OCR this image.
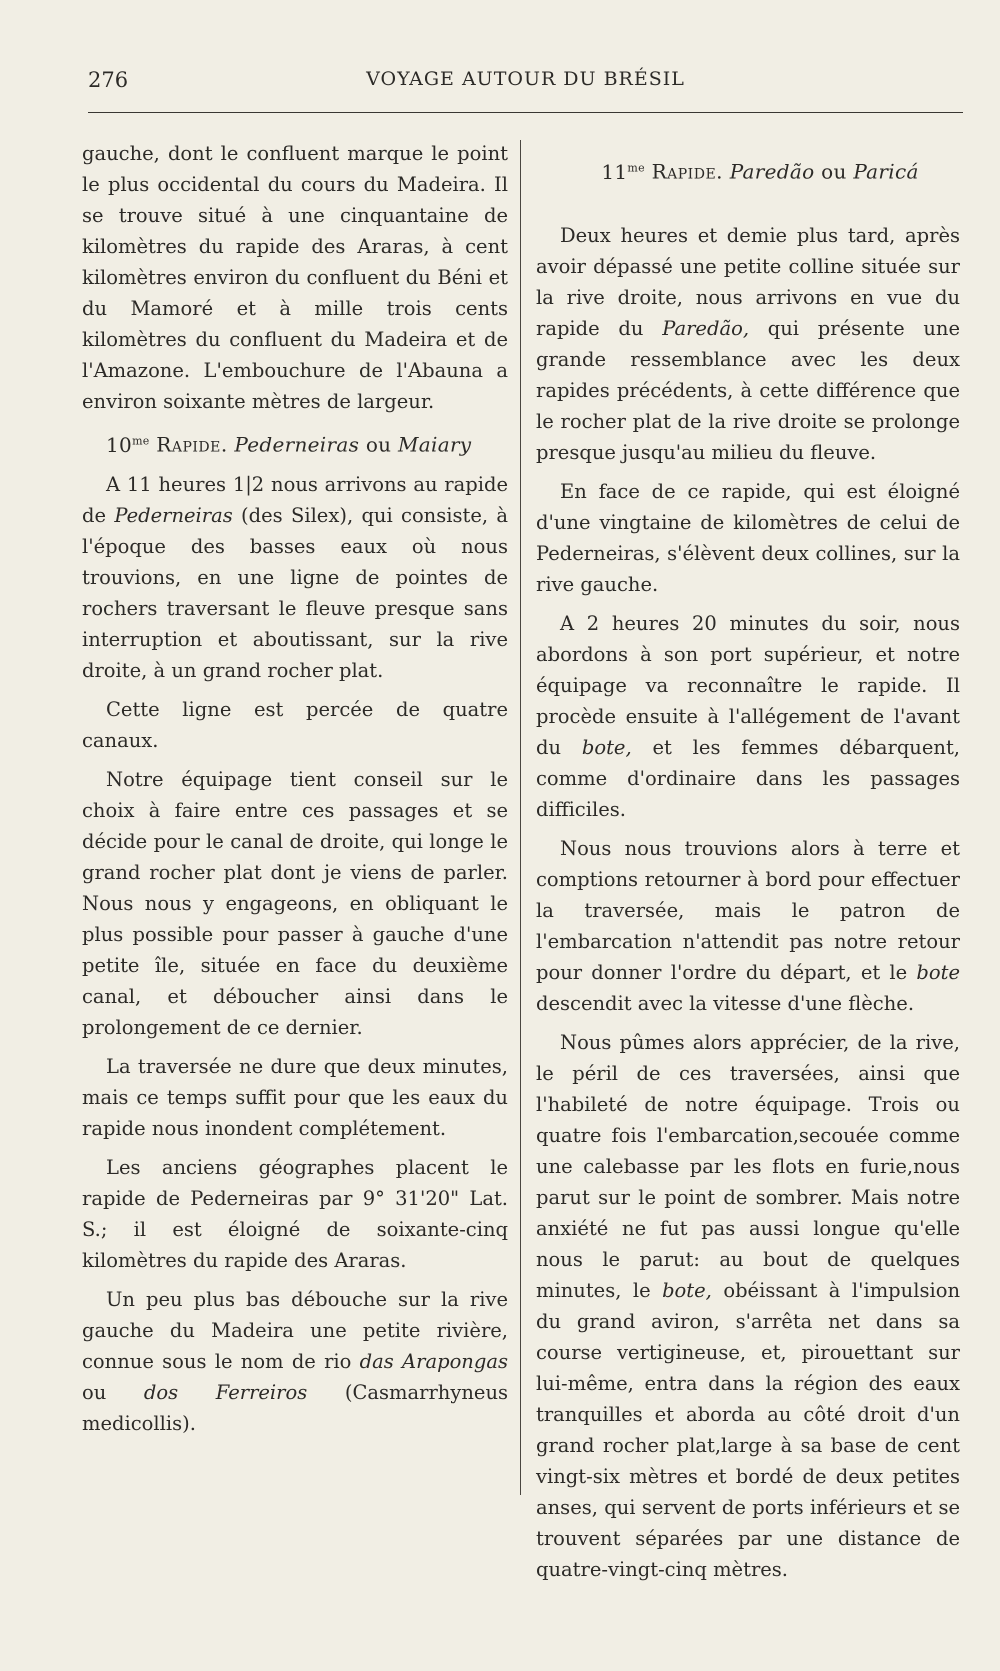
276	VOYAGE AUTOUR DU BRÉSIL

gauche, dont le confluent marque le point le plus occidental du cours du Madeira. Il se trouve situé à une cinquantaine de kilomètres du rapide des Araras, à cent kilomètres environ du confluent du Béni et du Mamoré et à mille trois cents kilomètres du confluent du Madeira et de l'Amazone. L'embouchure de l'Abauna a environ soixante mètres de largeur.

$10^{me}$ Rapide. Pederneiras ou Maiary

A 11 heures 1|2 nous arrivons au rapide de Pederneiras (des Silex), qui consiste, à l'époque des basses eaux où nous trouvions, en une ligne de pointes de rochers traversant le fleuve presque sans interruption et aboutissant, sur la rive droite, à un grand rocher plat.

Cette ligne est percée de quatre canaux.

Notre équipage tient conseil sur le choix à faire entre ces passages et se décide pour le canal de droite, qui longe le grand rocher plat dont je viens de parler. Nous nous y engageons, en obliquant le plus possible pour passer à gauche d'une petite île, située en face du deuxième canal, et déboucher ainsi dans le prolongement de ce dernier.

La traversée ne dure que deux minutes, mais ce temps suffit pour que les eaux du rapide nous inondent complétement.

Les anciens géographes placent le rapide de Pederneiras par 9° 31'20" Lat. S.; il est éloigné de soixante-cinq kilomètres du rapide des Araras.

Un peu plus bas débouche sur la rive gauche du Madeira une petite rivière, connue sous le nom de rio das Arapongas ou dos Ferreiros (Casmarrhyneus medicollis).

$11^{me}$ Rapide. Paredão ou Paricá

Deux heures et demie plus tard, après avoir dépassé une petite colline située sur la rive droite, nous arrivons en vue du rapide du Paredão, qui présente une grande ressemblance avec les deux rapides précédents, à cette différence que le rocher plat de la rive droite se prolonge presque jusqu'au milieu du fleuve.

En face de ce rapide, qui est éloigné d'une vingtaine de kilomètres de celui de Pederneiras, s'élèvent deux collines, sur la rive gauche.

A 2 heures 20 minutes du soir, nous abordons à son port supérieur, et notre équipage va reconnaître le rapide. Il procède ensuite à l'allégement de l'avant du bote, et les femmes débarquent, comme d'ordinaire dans les passages difficiles.

Nous nous trouvions alors à terre et comptions retourner à bord pour effectuer la traversée, mais le patron de l'embarcation n'attendit pas notre retour pour donner l'ordre du départ, et le bote descendit avec la vitesse d'une flèche.

Nous pûmes alors apprécier, de la rive, le péril de ces traversées, ainsi que l'habileté de notre équipage. Trois ou quatre fois l'embarcation,secouée comme une calebasse par les flots en furie,nous parut sur le point de sombrer. Mais notre anxiété ne fut pas aussi longue qu'elle nous le parut: au bout de quelques minutes, le bote, obéissant à l'impulsion du grand aviron, s'arrêta net dans sa course vertigineuse, et, pirouettant sur lui-même, entra dans la région des eaux tranquilles et aborda au côté droit d'un grand rocher plat,large à sa base de cent vingt-six mètres et bordé de deux petites anses, qui servent de ports inférieurs et se trouvent séparées par une distance de quatre-vingt-cinq mètres.
